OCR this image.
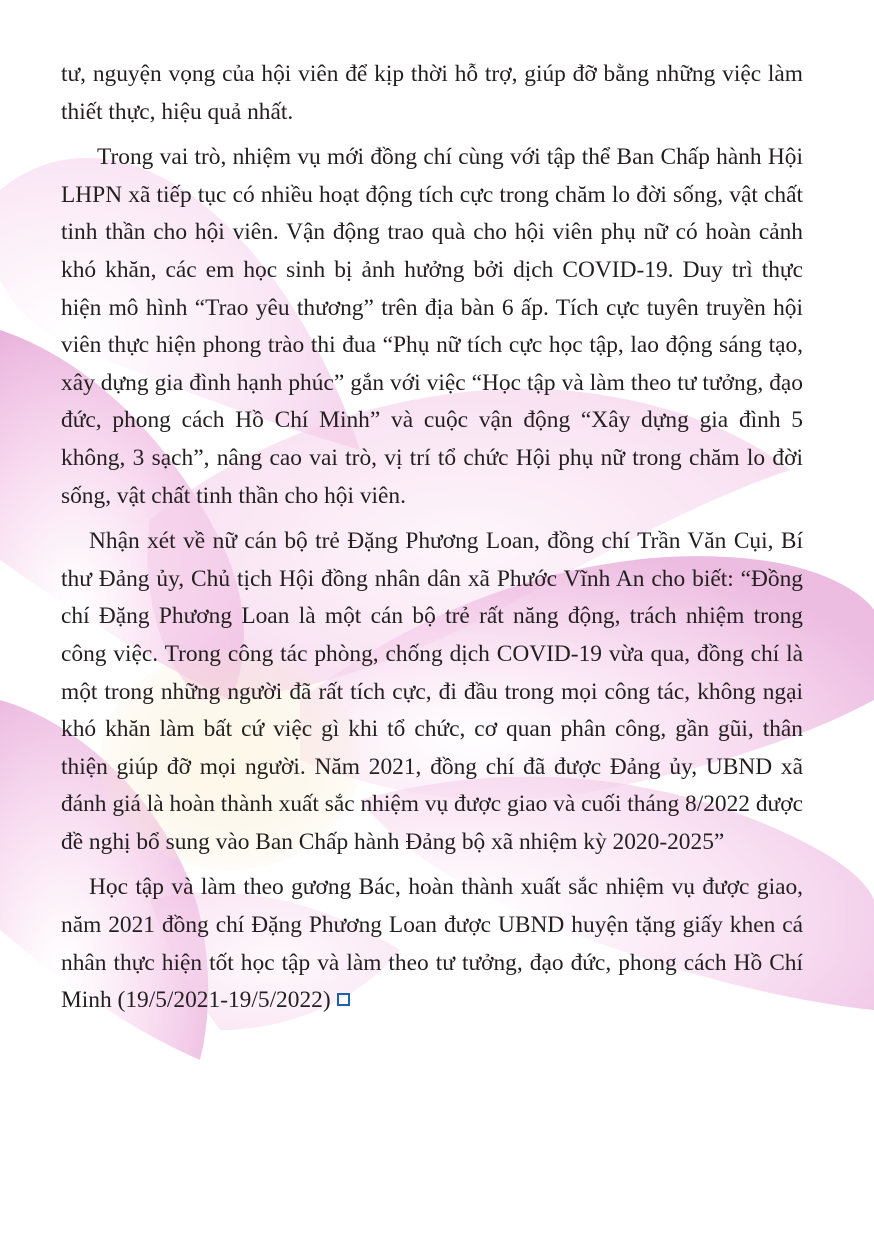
tư, nguyện vọng của hội viên để kịp thời hỗ trợ, giúp đỡ bằng những việc làm thiết thực, hiệu quả nhất.

Trong vai trò, nhiệm vụ mới đồng chí cùng với tập thể Ban Chấp hành Hội LHPN xã tiếp tục có nhiều hoạt động tích cực trong chăm lo đời sống, vật chất tinh thần cho hội viên. Vận động trao quà cho hội viên phụ nữ có hoàn cảnh khó khăn, các em học sinh bị ảnh hưởng bởi dịch COVID-19. Duy trì thực hiện mô hình “Trao yêu thương” trên địa bàn 6 ấp. Tích cực tuyên truyền hội viên thực hiện phong trào thi đua “Phụ nữ tích cực học tập, lao động sáng tạo, xây dựng gia đình hạnh phúc” gắn với việc “Học tập và làm theo tư tưởng, đạo đức, phong cách Hồ Chí Minh” và cuộc vận động “Xây dựng gia đình 5 không, 3 sạch”, nâng cao vai trò, vị trí tổ chức Hội phụ nữ trong chăm lo đời sống, vật chất tinh thần cho hội viên.

Nhận xét về nữ cán bộ trẻ Đặng Phương Loan, đồng chí Trần Văn Cụi, Bí thư Đảng ủy, Chủ tịch Hội đồng nhân dân xã Phước Vĩnh An cho biết: “Đồng chí Đặng Phương Loan là một cán bộ trẻ rất năng động, trách nhiệm trong công việc. Trong công tác phòng, chống dịch COVID-19 vừa qua, đồng chí là một trong những người đã rất tích cực, đi đầu trong mọi công tác, không ngại khó khăn làm bất cứ việc gì khi tổ chức, cơ quan phân công, gần gũi, thân thiện giúp đỡ mọi người. Năm 2021, đồng chí đã được Đảng ủy, UBND xã đánh giá là hoàn thành xuất sắc nhiệm vụ được giao và cuối tháng 8/2022 được đề nghị bổ sung vào Ban Chấp hành Đảng bộ xã nhiệm kỳ 2020-2025”

Học tập và làm theo gương Bác, hoàn thành xuất sắc nhiệm vụ được giao, năm 2021 đồng chí Đặng Phương Loan được UBND huyện tặng giấy khen cá nhân thực hiện tốt học tập và làm theo tư tưởng, đạo đức, phong cách Hồ Chí Minh (19/5/2021-19/5/2022)
